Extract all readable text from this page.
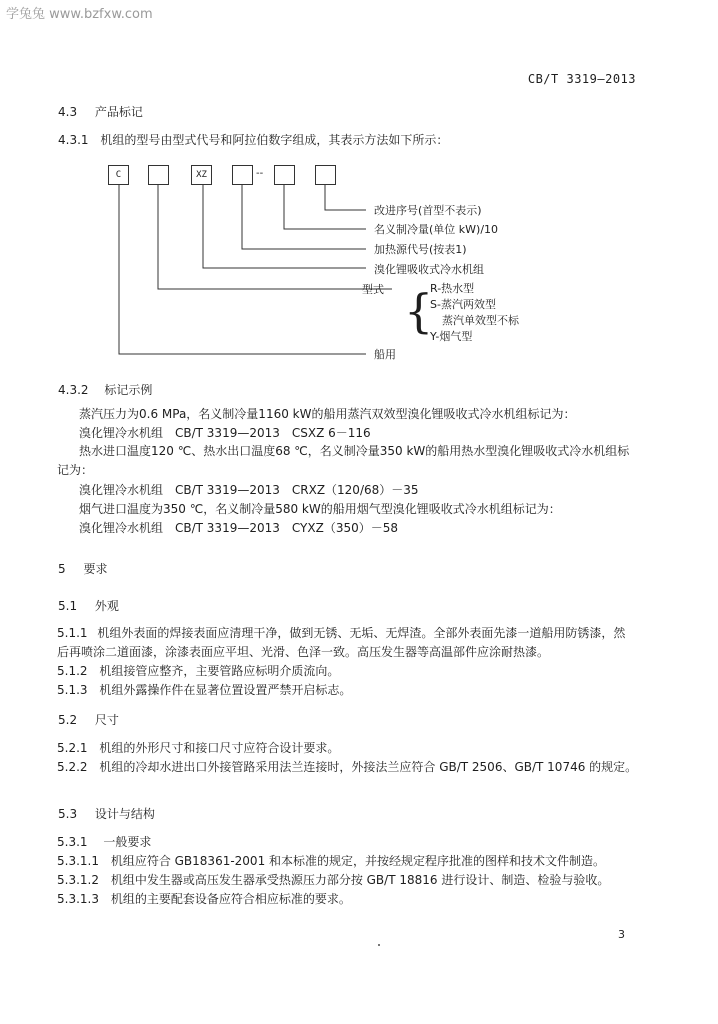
学兔兔 www.bzfxw.com
CB/T 3319—2013
4.3 产品标记
4.3.1 机组的型号由型式代号和阿拉伯数字组成，其表示方法如下所示：
C	XZ	--
改进序号(首型不表示)
名义制冷量(单位 kW)/10
加热源代号(按表1)
溴化锂吸收式冷水机组
型式 {
R-热水型
S-蒸汽两效型
蒸汽单效型不标
Y-烟气型
船用
4.3.2 标记示例
蒸汽压力为0.6 MPa，名义制冷量1160 kW的船用蒸汽双效型溴化锂吸收式冷水机组标记为：
溴化锂冷水机组　CB/T 3319—2013　CSXZ 6－116
热水进口温度120 ℃、热水出口温度68 ℃，名义制冷量350 kW的船用热水型溴化锂吸收式冷水机组标记为：
溴化锂冷水机组　CB/T 3319—2013　CRXZ（120/68）－35
烟气进口温度为350 ℃，名义制冷量580 kW的船用烟气型溴化锂吸收式冷水机组标记为：
溴化锂冷水机组　CB/T 3319—2013　CYXZ（350）－58
5 要求
5.1 外观
5.1.1 机组外表面的焊接表面应清理干净，做到无锈、无垢、无焊渣。全部外表面先漆一道船用防锈漆，然后再喷涂二道面漆，涂漆表面应平坦、光滑、色泽一致。高压发生器等高温部件应涂耐热漆。
5.1.2 机组接管应整齐，主要管路应标明介质流向。
5.1.3 机组外露操作件在显著位置设置严禁开启标志。
5.2 尺寸
5.2.1 机组的外形尺寸和接口尺寸应符合设计要求。
5.2.2 机组的冷却水进出口外接管路采用法兰连接时，外接法兰应符合 GB/T 2506、GB/T 10746 的规定。
5.3 设计与结构
5.3.1 一般要求
5.3.1.1 机组应符合 GB18361-2001 和本标准的规定，并按经规定程序批准的图样和技术文件制造。
5.3.1.2 机组中发生器或高压发生器承受热源压力部分按 GB/T 18816 进行设计、制造、检验与验收。
5.3.1.3 机组的主要配套设备应符合相应标准的要求。
3
